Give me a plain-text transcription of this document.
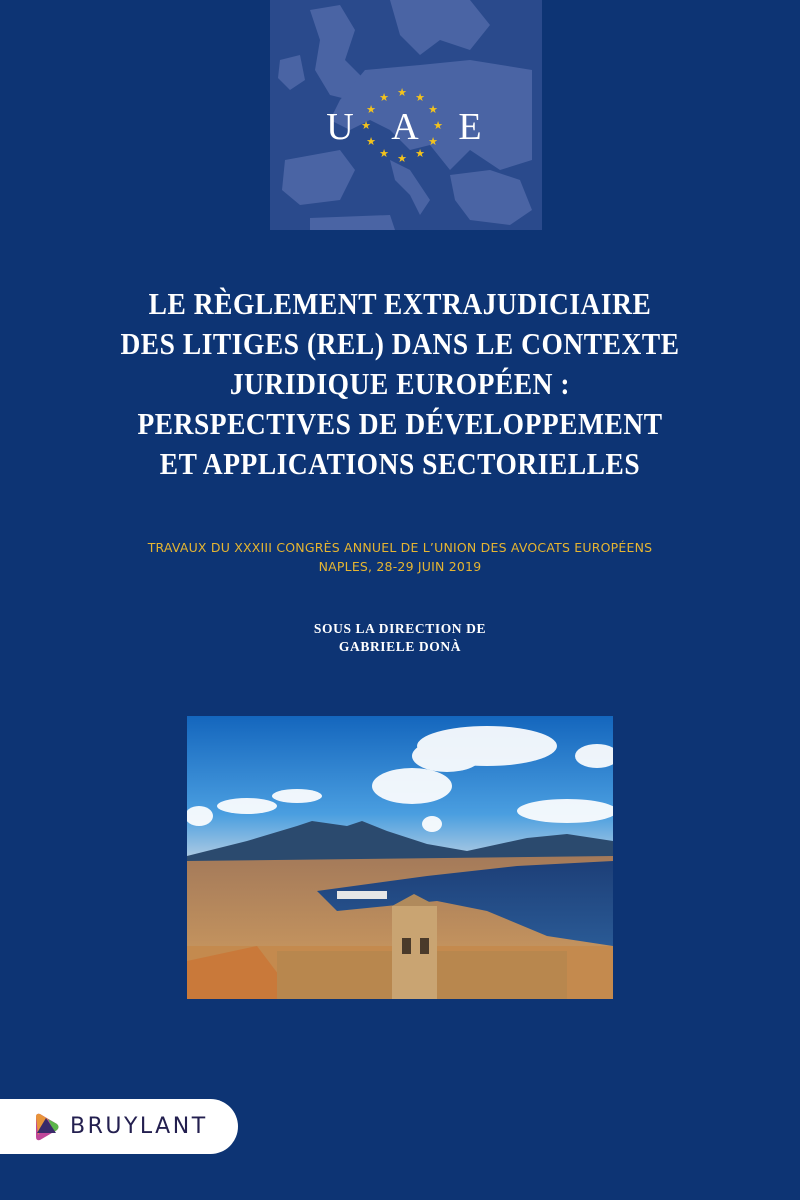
★ ★
★
★
★
★
★
★
★
★
★
★
U A E
LE RÈGLEMENT EXTRAJUDICIAIRE
DES LITIGES (REL) DANS LE CONTEXTE
JURIDIQUE EUROPÉEN :
PERSPECTIVES DE DÉVELOPPEMENT
ET APPLICATIONS SECTORIELLES
TRAVAUX DU XXXIII CONGRÈS ANNUEL DE L’UNION DES AVOCATS EUROPÉENS
NAPLES, 28-29 JUIN 2019
SOUS LA DIRECTION DE
GABRIELE DONÀ
BRUYLANT
